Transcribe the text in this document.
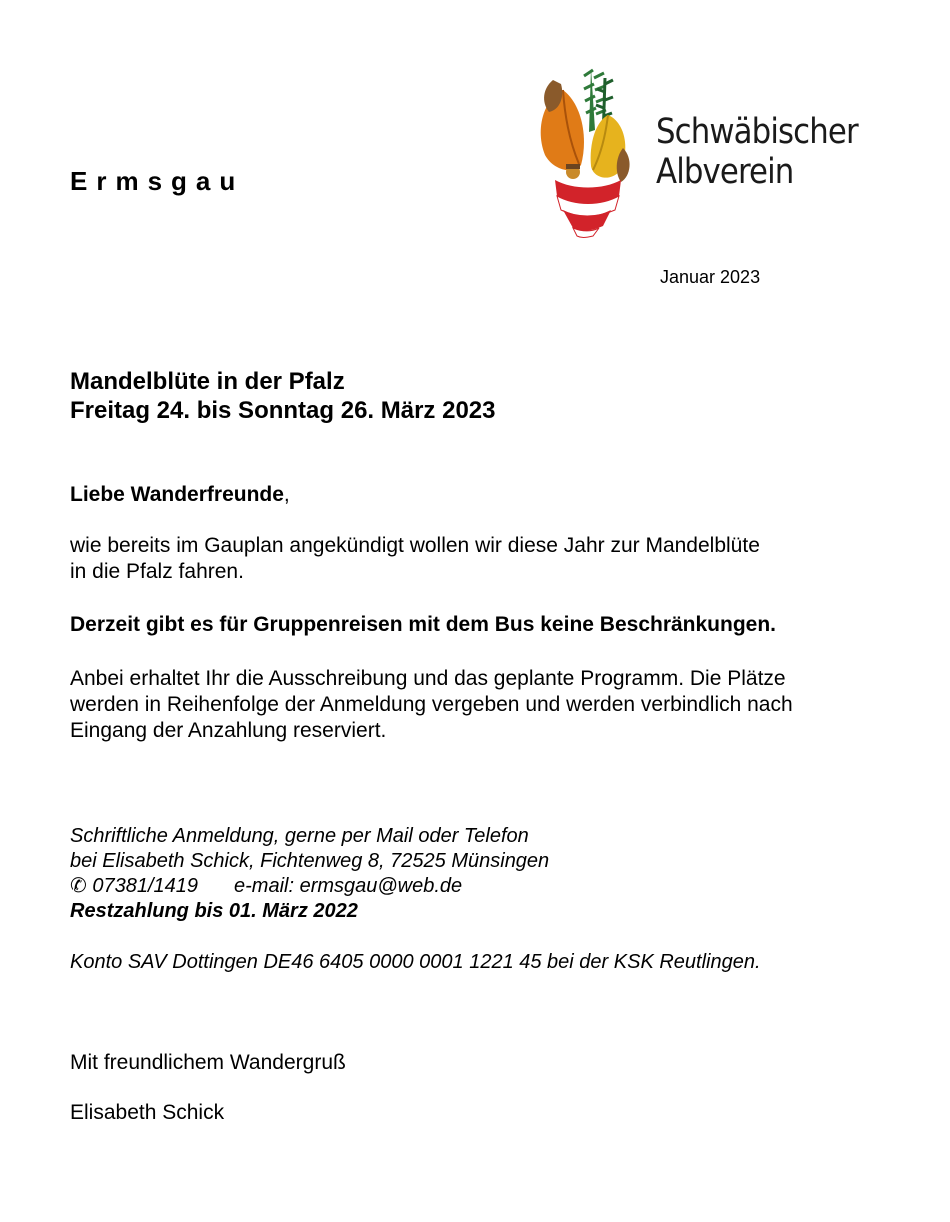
Ermsgau
Schwäbischer
Albverein
Januar 2023
Mandelblüte in der Pfalz
Freitag 24. bis Sonntag 26. März 2023
Liebe Wanderfreunde,
wie bereits im Gauplan angekündigt wollen wir diese Jahr zur Mandelblüte
in die Pfalz fahren.
Derzeit gibt es für Gruppenreisen mit dem Bus keine Beschränkungen.
Anbei erhaltet Ihr die Ausschreibung und das geplante Programm. Die Plätze
werden in Reihenfolge der Anmeldung vergeben und werden verbindlich nach
Eingang der Anzahlung reserviert.
Schriftliche Anmeldung, gerne per Mail oder Telefon
bei Elisabeth Schick, Fichtenweg 8, 72525 Münsingen
✆ 07381/1419 e-mail: ermsgau@web.de
Restzahlung bis 01. März 2022
Konto SAV Dottingen DE46 6405 0000 0001 1221 45 bei der KSK Reutlingen.
Mit freundlichem Wandergruß
Elisabeth Schick
